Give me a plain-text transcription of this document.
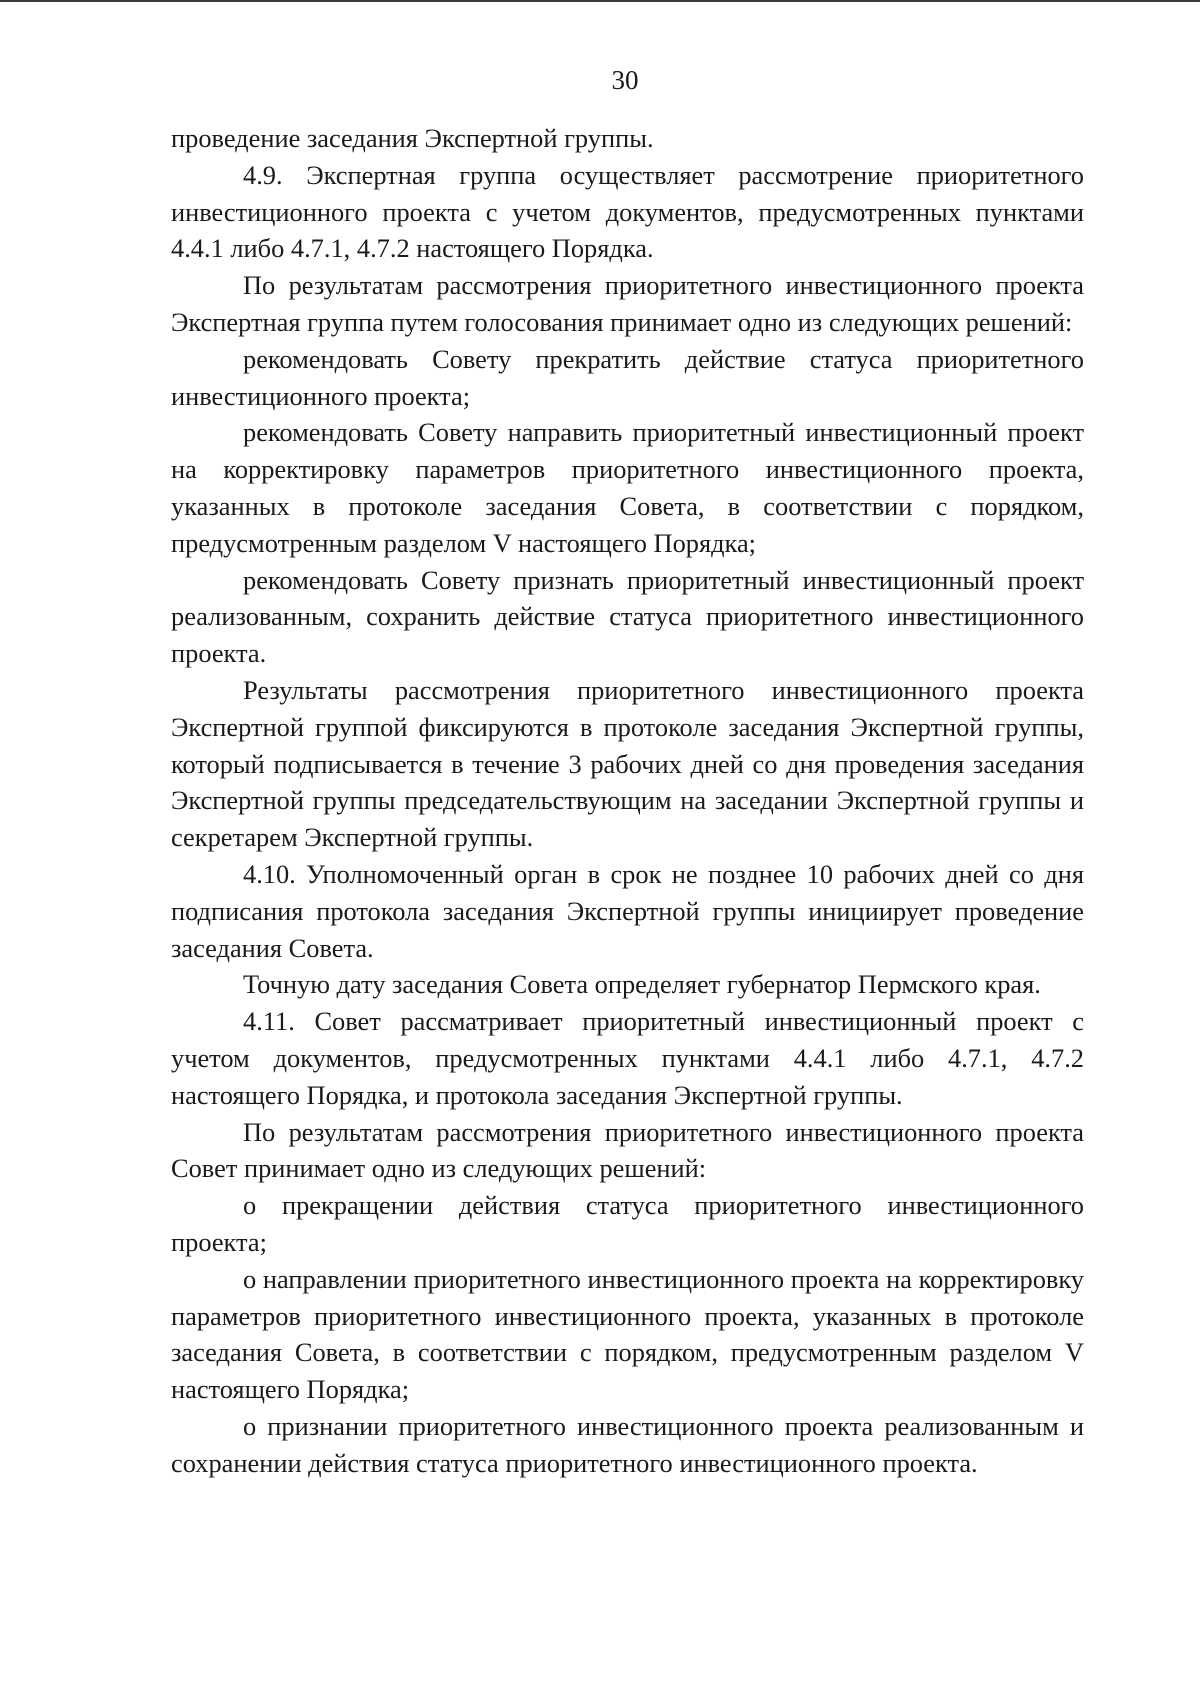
30

проведение заседания Экспертной группы.

4.9. Экспертная группа осуществляет рассмотрение приоритетного инвестиционного проекта с учетом документов, предусмотренных пунктами 4.4.1 либо 4.7.1, 4.7.2 настоящего Порядка.

По результатам рассмотрения приоритетного инвестиционного проекта Экспертная группа путем голосования принимает одно из следующих решений:

рекомендовать Совету прекратить действие статуса приоритетного инвестиционного проекта;

рекомендовать Совету направить приоритетный инвестиционный проект на корректировку параметров приоритетного инвестиционного проекта, указанных в протоколе заседания Совета, в соответствии с порядком, предусмотренным разделом V настоящего Порядка;

рекомендовать Совету признать приоритетный инвестиционный проект реализованным, сохранить действие статуса приоритетного инвестиционного проекта.

Результаты рассмотрения приоритетного инвестиционного проекта Экспертной группой фиксируются в протоколе заседания Экспертной группы, который подписывается в течение 3 рабочих дней со дня проведения заседания Экспертной группы председательствующим на заседании Экспертной группы и секретарем Экспертной группы.

4.10. Уполномоченный орган в срок не позднее 10 рабочих дней со дня подписания протокола заседания Экспертной группы инициирует проведение заседания Совета.

Точную дату заседания Совета определяет губернатор Пермского края.

4.11. Совет рассматривает приоритетный инвестиционный проект с учетом документов, предусмотренных пунктами 4.4.1 либо 4.7.1, 4.7.2 настоящего Порядка, и протокола заседания Экспертной группы.

По результатам рассмотрения приоритетного инвестиционного проекта Совет принимает одно из следующих решений:

о прекращении действия статуса приоритетного инвестиционного проекта;

о направлении приоритетного инвестиционного проекта на корректировку параметров приоритетного инвестиционного проекта, указанных в протоколе заседания Совета, в соответствии с порядком, предусмотренным разделом V настоящего Порядка;

о признании приоритетного инвестиционного проекта реализованным и сохранении действия статуса приоритетного инвестиционного проекта.
